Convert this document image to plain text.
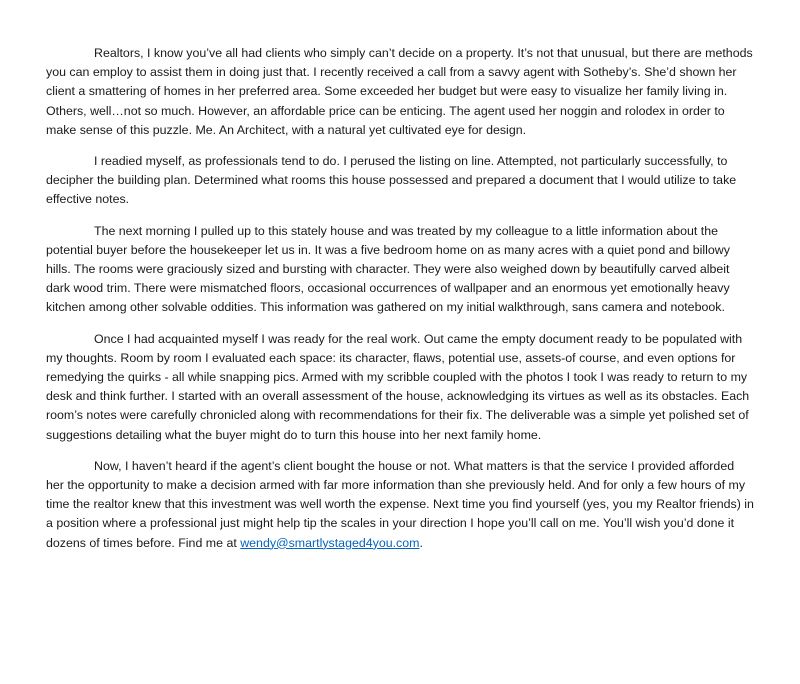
Realtors, I know you’ve all had clients who simply can’t decide on a property. It’s not that unusual, but there are methods you can employ to assist them in doing just that. I recently received a call from a savvy agent with Sotheby’s. She’d shown her client a smattering of homes in her preferred area. Some exceeded her budget but were easy to visualize her family living in. Others, well…not so much. However, an affordable price can be enticing. The agent used her noggin and rolodex in order to make sense of this puzzle. Me. An Architect, with a natural yet cultivated eye for design.

I readied myself, as professionals tend to do. I perused the listing on line. Attempted, not particularly successfully, to decipher the building plan. Determined what rooms this house possessed and prepared a document that I would utilize to take effective notes.

The next morning I pulled up to this stately house and was treated by my colleague to a little information about the potential buyer before the housekeeper let us in. It was a five bedroom home on as many acres with a quiet pond and billowy hills. The rooms were graciously sized and bursting with character. They were also weighed down by beautifully carved albeit dark wood trim. There were mismatched floors, occasional occurrences of wallpaper and an enormous yet emotionally heavy kitchen among other solvable oddities. This information was gathered on my initial walkthrough, sans camera and notebook.

Once I had acquainted myself I was ready for the real work. Out came the empty document ready to be populated with my thoughts. Room by room I evaluated each space: its character, flaws, potential use, assets-of course, and even options for remedying the quirks - all while snapping pics. Armed with my scribble coupled with the photos I took I was ready to return to my desk and think further. I started with an overall assessment of the house, acknowledging its virtues as well as its obstacles. Each room’s notes were carefully chronicled along with recommendations for their fix. The deliverable was a simple yet polished set of suggestions detailing what the buyer might do to turn this house into her next family home.

Now, I haven’t heard if the agent’s client bought the house or not. What matters is that the service I provided afforded her the opportunity to make a decision armed with far more information than she previously held. And for only a few hours of my time the realtor knew that this investment was well worth the expense. Next time you find yourself (yes, you my Realtor friends) in a position where a professional just might help tip the scales in your direction I hope you’ll call on me. You’ll wish you’d done it dozens of times before. Find me at wendy@smartlystaged4you.com.
